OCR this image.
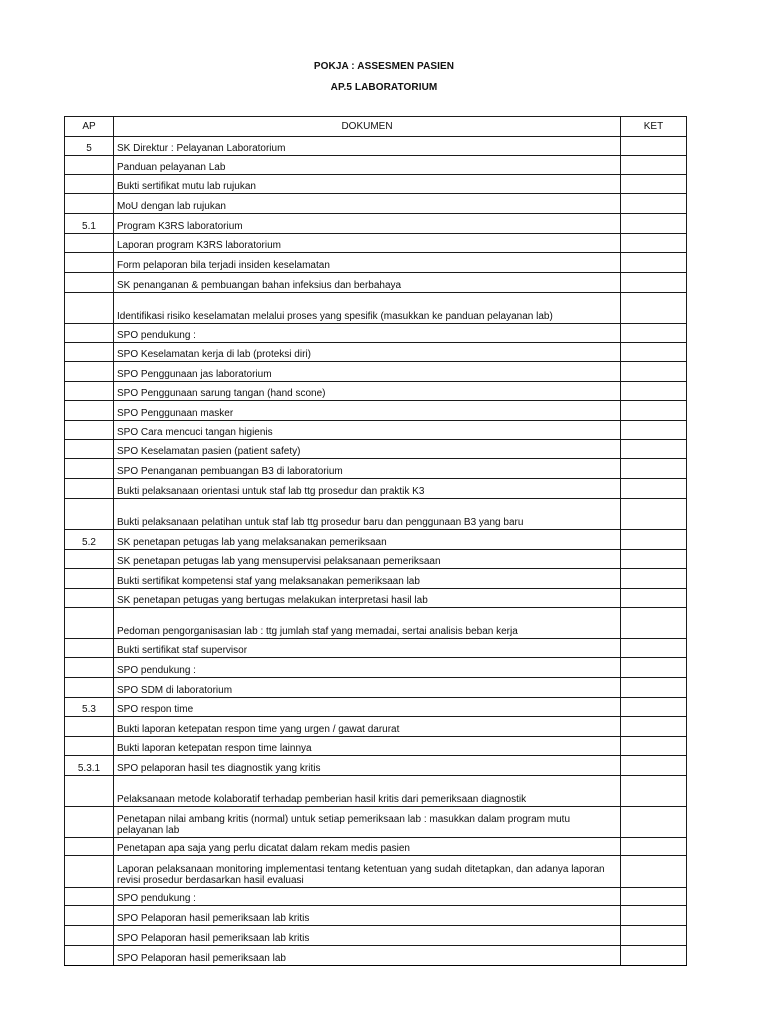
POKJA : ASSESMEN PASIEN

AP.5 LABORATORIUM

AP	DOKUMEN	KET
5	SK Direktur : Pelayanan Laboratorium	
	Panduan pelayanan Lab	
	Bukti sertifikat mutu lab rujukan	
	MoU dengan lab rujukan	
5.1	Program K3RS laboratorium	
	Laporan program K3RS laboratorium	
	Form pelaporan bila terjadi insiden keselamatan	
	SK penanganan & pembuangan bahan infeksius dan berbahaya	
	Identifikasi risiko keselamatan melalui proses yang spesifik (masukkan ke panduan pelayanan lab)	
	SPO pendukung :	
	SPO Keselamatan kerja di lab (proteksi diri)	
	SPO Penggunaan jas laboratorium	
	SPO Penggunaan sarung tangan (hand scone)	
	SPO Penggunaan masker	
	SPO Cara mencuci tangan higienis	
	SPO Keselamatan pasien (patient safety)	
	SPO Penanganan pembuangan B3 di laboratorium	
	Bukti pelaksanaan orientasi untuk staf lab ttg prosedur dan praktik K3	
	Bukti pelaksanaan pelatihan untuk staf lab ttg prosedur baru dan penggunaan B3 yang baru	
5.2	SK penetapan petugas lab yang melaksanakan pemeriksaan	
	SK penetapan petugas lab yang mensupervisi pelaksanaan pemeriksaan	
	Bukti sertifikat kompetensi staf yang melaksanakan pemeriksaan lab	
	SK penetapan petugas yang bertugas melakukan interpretasi hasil lab	
	Pedoman pengorganisasian lab : ttg jumlah staf yang memadai, sertai analisis beban kerja	
	Bukti sertifikat staf supervisor	
	SPO pendukung :	
	SPO SDM di laboratorium	
5.3	SPO respon time	
	Bukti laporan ketepatan respon time yang urgen / gawat darurat	
	Bukti laporan ketepatan respon time lainnya	
5.3.1	SPO pelaporan hasil tes diagnostik yang kritis	
	Pelaksanaan metode kolaboratif terhadap pemberian hasil kritis dari pemeriksaan diagnostik	
	Penetapan nilai ambang kritis (normal) untuk setiap pemeriksaan lab : masukkan dalam program mutu pelayanan lab	
	Penetapan apa saja yang perlu dicatat dalam rekam medis pasien	
	Laporan pelaksanaan monitoring implementasi tentang ketentuan yang sudah ditetapkan, dan adanya laporan revisi prosedur berdasarkan hasil evaluasi	
	SPO pendukung :	
	SPO Pelaporan hasil pemeriksaan lab kritis	
	SPO Pelaporan hasil pemeriksaan lab kritis	
	SPO Pelaporan hasil pemeriksaan lab	
